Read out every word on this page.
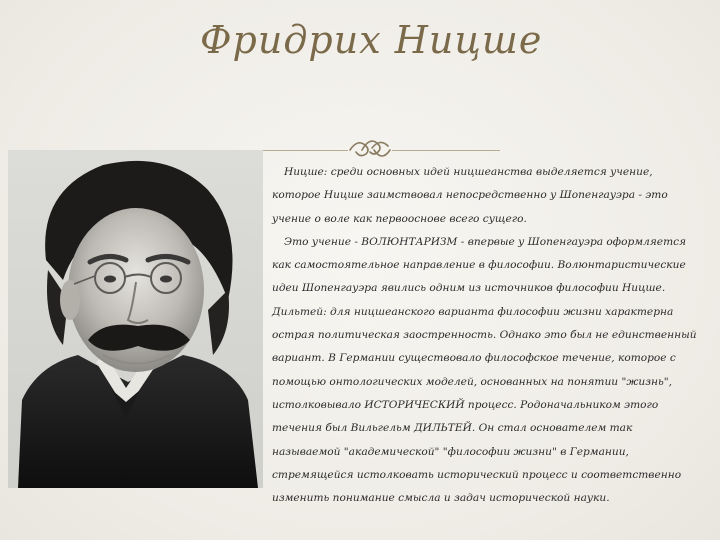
Фридрих Ницше

Ницше: среди основных идей ницшеанства выделяется учение, которое Ницше заимствовал непосредственно у Шопенгауэра - это учение о воле как первооснове всего сущего.

Это учение - ВОЛЮНТАРИЗМ - впервые у Шопенгауэра оформляется как самостоятельное направление в философии. Волюнтаристические идеи Шопенгауэра явились одним из источников философии Ницше. Дильтей: для ницшеанского варианта философии жизни характерна острая политическая заостренность. Однако это был не единственный вариант. В Германии существовало философское течение, которое с помощью онтологических моделей, основанных на понятии "жизнь", истолковывало ИСТОРИЧЕСКИЙ процесс. Родоначальником этого течения был Вильгельм ДИЛЬТЕЙ. Он стал основателем так называемой "академической" "философии жизни" в Германии, стремящейся истолковать исторический процесс и соответственно изменить понимание смысла и задач исторической науки.
